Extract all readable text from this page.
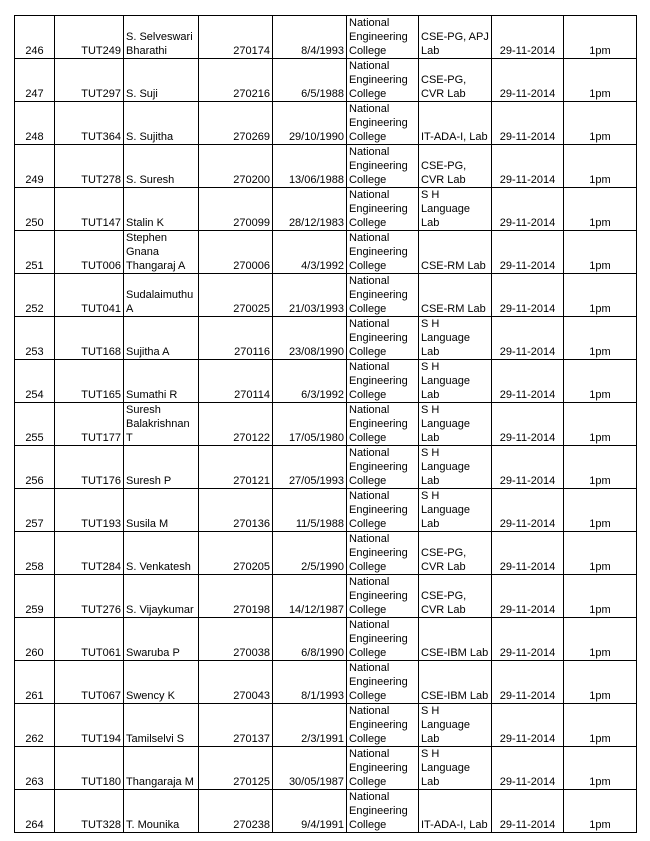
246	TUT249	S. Selveswari Bharathi	270174	8/4/1993	National Engineering College	CSE-PG, APJ Lab	29-11-2014	1pm
247	TUT297	S. Suji	270216	6/5/1988	National Engineering College	CSE-PG, CVR Lab	29-11-2014	1pm
248	TUT364	S. Sujitha	270269	29/10/1990	National Engineering College	IT-ADA-I, Lab	29-11-2014	1pm
249	TUT278	S. Suresh	270200	13/06/1988	National Engineering College	CSE-PG, CVR Lab	29-11-2014	1pm
250	TUT147	Stalin K	270099	28/12/1983	National Engineering College	S H Language Lab	29-11-2014	1pm
251	TUT006	Stephen Gnana Thangaraj A	270006	4/3/1992	National Engineering College	CSE-RM Lab	29-11-2014	1pm
252	TUT041	Sudalaimuthu A	270025	21/03/1993	National Engineering College	CSE-RM Lab	29-11-2014	1pm
253	TUT168	Sujitha A	270116	23/08/1990	National Engineering College	S H Language Lab	29-11-2014	1pm
254	TUT165	Sumathi R	270114	6/3/1992	National Engineering College	S H Language Lab	29-11-2014	1pm
255	TUT177	Suresh Balakrishnan T	270122	17/05/1980	National Engineering College	S H Language Lab	29-11-2014	1pm
256	TUT176	Suresh P	270121	27/05/1993	National Engineering College	S H Language Lab	29-11-2014	1pm
257	TUT193	Susila M	270136	11/5/1988	National Engineering College	S H Language Lab	29-11-2014	1pm
258	TUT284	S. Venkatesh	270205	2/5/1990	National Engineering College	CSE-PG, CVR Lab	29-11-2014	1pm
259	TUT276	S. Vijaykumar	270198	14/12/1987	National Engineering College	CSE-PG, CVR Lab	29-11-2014	1pm
260	TUT061	Swaruba P	270038	6/8/1990	National Engineering College	CSE-IBM Lab	29-11-2014	1pm
261	TUT067	Swency K	270043	8/1/1993	National Engineering College	CSE-IBM Lab	29-11-2014	1pm
262	TUT194	Tamilselvi S	270137	2/3/1991	National Engineering College	S H Language Lab	29-11-2014	1pm
263	TUT180	Thangaraja M	270125	30/05/1987	National Engineering College	S H Language Lab	29-11-2014	1pm
264	TUT328	T. Mounika	270238	9/4/1991	National Engineering College	IT-ADA-I, Lab	29-11-2014	1pm
